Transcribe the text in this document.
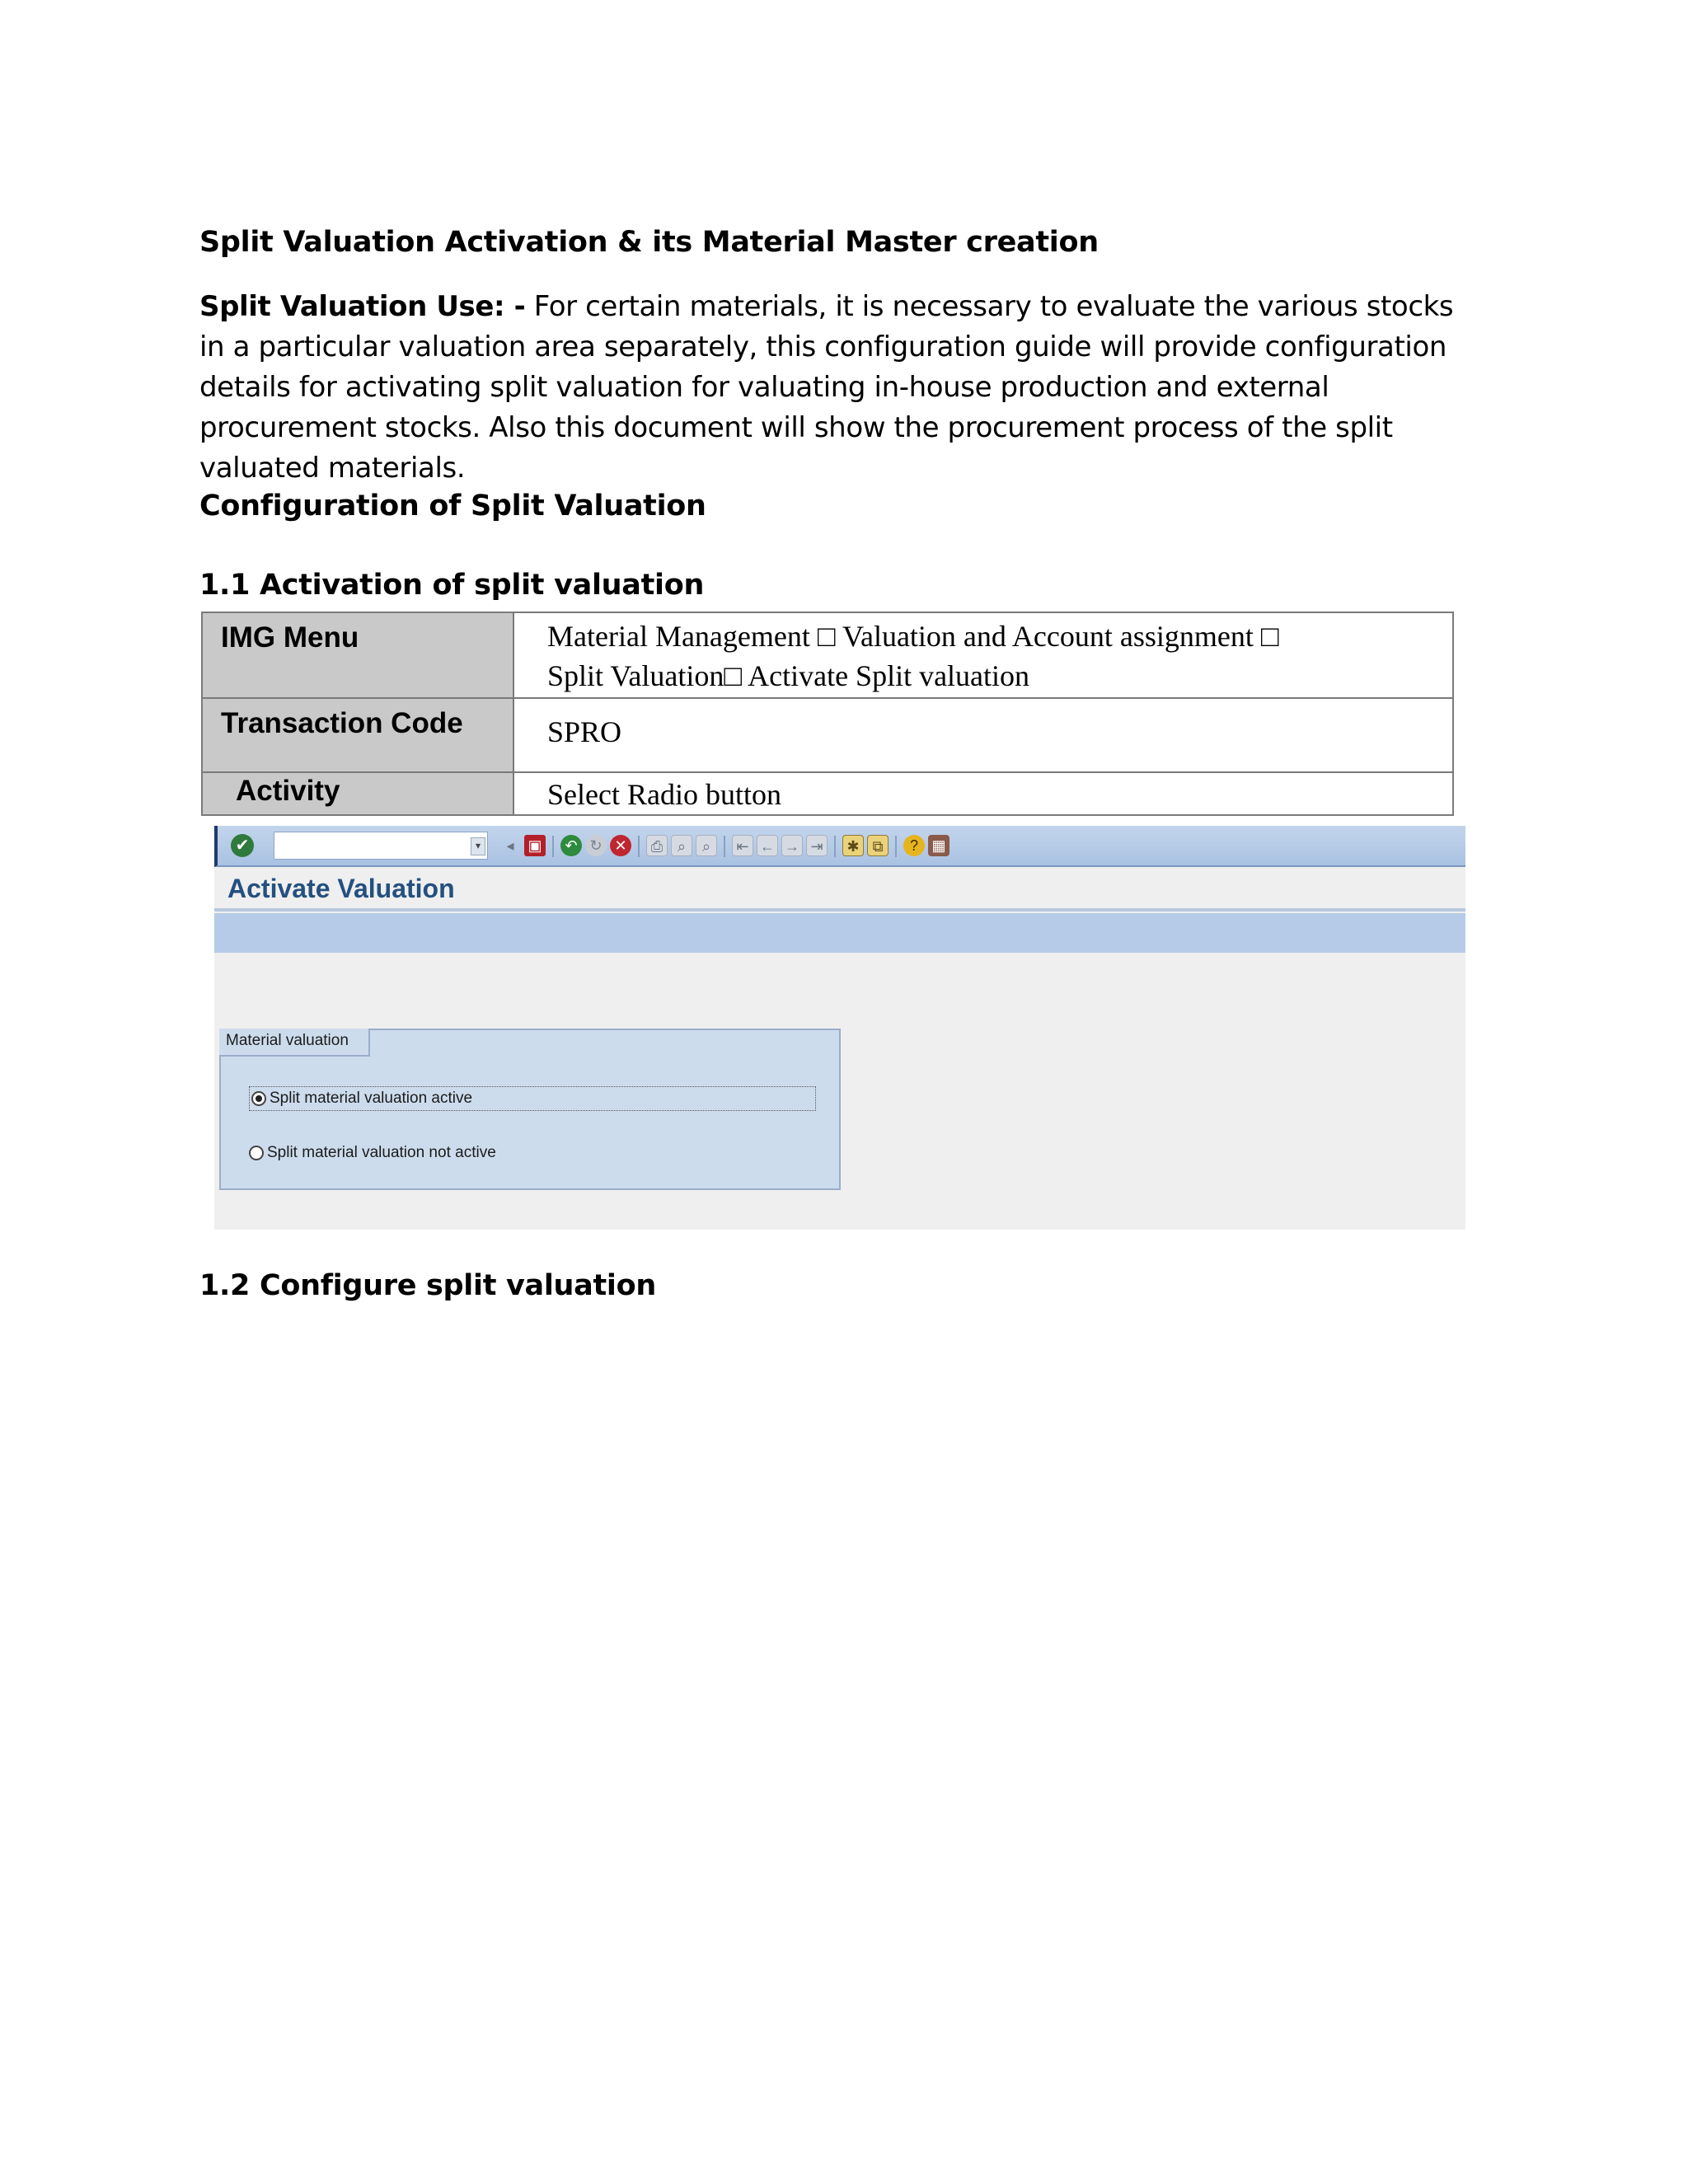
Split Valuation Activation & its Material Master creation
Split Valuation Use: - For certain materials, it is necessary to evaluate the various stocks in a particular valuation area separately, this configuration guide will provide configuration details for activating split valuation for valuating in-house production and external procurement stocks. Also this document will show the procurement process of the split valuated materials.
Configuration of Split Valuation
1.1 Activation of split valuation
IMG Menu	Material Management □ Valuation and Account assignment □
Split Valuation□ Activate Split valuation

Transaction Code	SPRO
Activity	Select Radio button
✔	▾	◂ ▣	↶ ↻ ✕	⎙ ⌕	⌕	⇤ ← → ⇥	✱ ⧉	? ▦
Activate Valuation
Material valuation
Split material valuation active
Split material valuation not active
1.2 Configure split valuation
